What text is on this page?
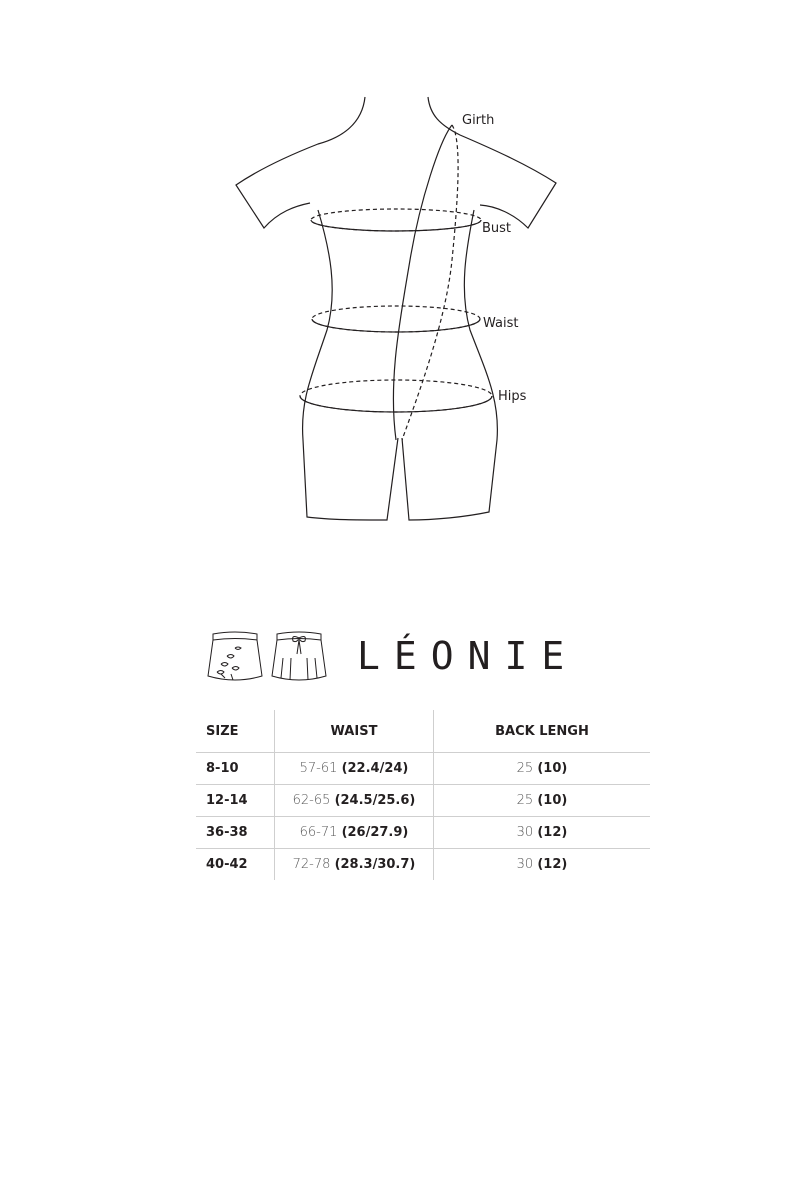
Girth
Bust
Waist
Hips
LÉONIE
SIZE	WAIST	BACK LENGH
8-10	57-61 (22.4/24)	25 (10)
12-14	62-65 (24.5/25.6)	25 (10)
36-38	66-71 (26/27.9)	30 (12)
40-42	72-78 (28.3/30.7)	30 (12)
